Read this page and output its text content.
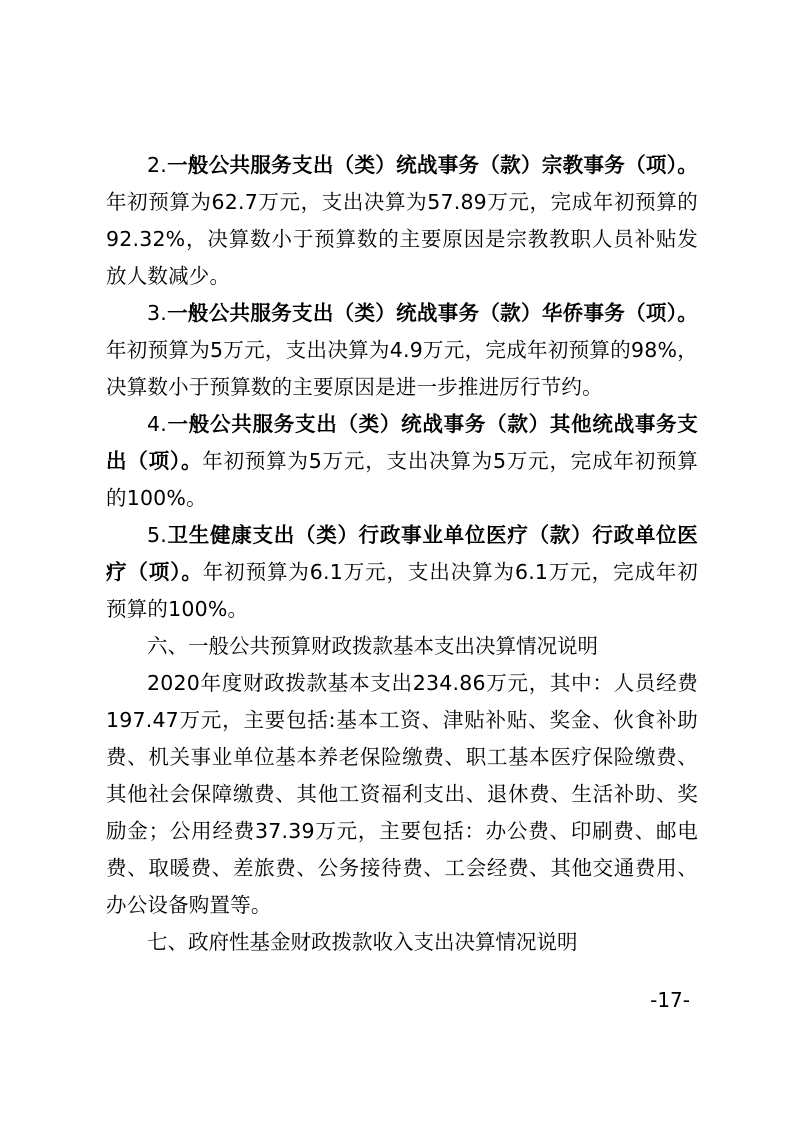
2.一般公共服务支出（类）统战事务（款）宗教事务（项）。年初预算为62.7万元，支出决算为57.89万元，完成年初预算的92.32%，决算数小于预算数的主要原因是宗教教职人员补贴发放人数减少。

3.一般公共服务支出（类）统战事务（款）华侨事务（项）。年初预算为5万元，支出决算为4.9万元，完成年初预算的98%，决算数小于预算数的主要原因是进一步推进厉行节约。

4.一般公共服务支出（类）统战事务（款）其他统战事务支出（项）。年初预算为5万元，支出决算为5万元，完成年初预算的100%。

5.卫生健康支出（类）行政事业单位医疗（款）行政单位医疗（项）。年初预算为6.1万元，支出决算为6.1万元，完成年初预算的100%。

六、一般公共预算财政拨款基本支出决算情况说明

2020年度财政拨款基本支出234.86万元，其中：人员经费197.47万元，主要包括:基本工资、津贴补贴、奖金、伙食补助费、机关事业单位基本养老保险缴费、职工基本医疗保险缴费、其他社会保障缴费、其他工资福利支出、退休费、生活补助、奖励金；公用经费37.39万元，主要包括：办公费、印刷费、邮电费、取暖费、差旅费、公务接待费、工会经费、其他交通费用、办公设备购置等。

七、政府性基金财政拨款收入支出决算情况说明

-17-
